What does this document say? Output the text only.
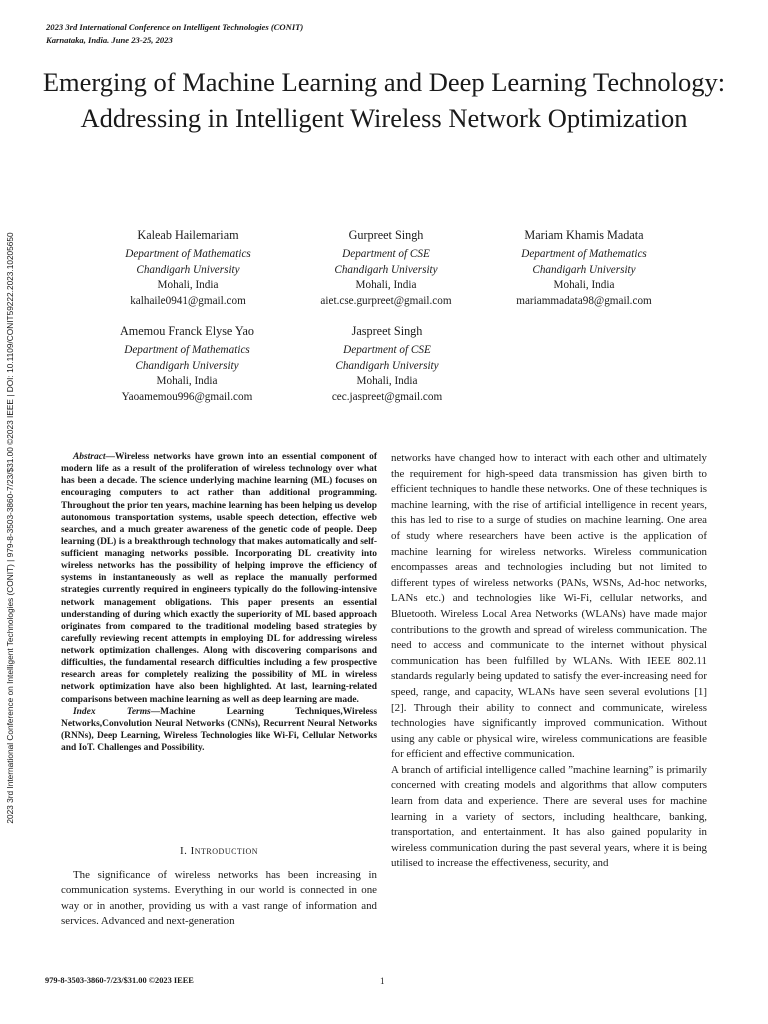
2023 3rd International Conference on Intelligent Technologies (CONIT)
Karnataka, India. June 23-25, 2023
2023 3rd International Conference on Intelligent Technologies (CONIT) | 979-8-3503-3860-7/23/$31.00 ©2023 IEEE | DOI: 10.1109/CONIT59222.2023.10205650
Emerging of Machine Learning and Deep Learning Technology: Addressing in Intelligent Wireless Network Optimization
Kaleab Hailemariam
Department of Mathematics
Chandigarh University
Mohali, India
kalhaile0941@gmail.com
Gurpreet Singh
Department of CSE
Chandigarh University
Mohali, India
aiet.cse.gurpreet@gmail.com
Mariam Khamis Madata
Department of Mathematics
Chandigarh University
Mohali, India
mariammadata98@gmail.com
Amemou Franck Elyse Yao
Department of Mathematics
Chandigarh University
Mohali, India
Yaoamemou996@gmail.com
Jaspreet Singh
Department of CSE
Chandigarh University
Mohali, India
cec.jaspreet@gmail.com

Abstract—Wireless networks have grown into an essential component of modern life as a result of the proliferation of wireless technology over what has been a decade. The science underlying machine learning (ML) focuses on encouraging computers to act rather than additional programming. Throughout the prior ten years, machine learning has been helping us develop autonomous transportation systems, usable speech detection, effective web searches, and a much greater awareness of the genetic code of people. Deep learning (DL) is a breakthrough technology that makes automatically and self-sufficient managing networks possible. Incorporating DL creativity into wireless networks has the possibility of helping improve the efficiency of systems in instantaneously as well as replace the manually performed strategies currently required in engineers typically do the following-intensive network management obligations. This paper presents an essential understanding of during which exactly the superiority of ML based approach originates from compared to the traditional modeling based strategies by carefully reviewing recent attempts in employing DL for addressing wireless network optimization challenges. Along with discovering comparisons and difficulties, the fundamental research difficulties including a few prospective research areas for completely realizing the possibility of ML in wireless network optimization have also been highlighted. At last, learning-related comparisons between machine learning as well as deep learning are made.

Index Terms—Machine Learning Techniques,Wireless Networks,Convolution Neural Networks (CNNs), Recurrent Neural Networks (RNNs), Deep Learning, Wireless Technologies like Wi-Fi, Cellular Networks and IoT. Challenges and Possibility.

I. Introduction

The significance of wireless networks has been increasing in communication systems. Everything in our world is connected in one way or in another, providing us with a vast range of information and services. Advanced and next-generation

networks have changed how to interact with each other and ultimately the requirement for high-speed data transmission has given birth to efficient techniques to handle these networks. One of these techniques is machine learning, with the rise of artificial intelligence in recent years, this has led to rise to a surge of studies on machine learning. One area of study where researchers have been active is the application of machine learning for wireless networks. Wireless communication encompasses areas and technologies including but not limited to different types of wireless networks (PANs, WSNs, Ad-hoc networks, LANs etc.) and technologies like Wi-Fi, cellular networks, and Bluetooth. Wireless Local Area Networks (WLANs) have made major contributions to the growth and spread of wireless communication. The need to access and communicate to the internet without physical communication has been fulfilled by WLANs. With IEEE 802.11 standards regularly being updated to satisfy the ever-increasing need for speed, range, and capacity, WLANs have seen several evolutions [1] [2]. Through their ability to connect and communicate, wireless technologies have significantly improved communication. Without using any cable or physical wire, wireless communications are feasible for efficient and effective communication.

A branch of artificial intelligence called ”machine learning” is primarily concerned with creating models and algorithms that allow computers learn from data and experience. There are several uses for machine learning in a variety of sectors, including healthcare, banking, transportation, and entertainment. It has also gained popularity in wireless communication during the past several years, where it is being utilised to increase the effectiveness, security, and

979-8-3503-3860-7/23/$31.00 ©2023 IEEE	1
